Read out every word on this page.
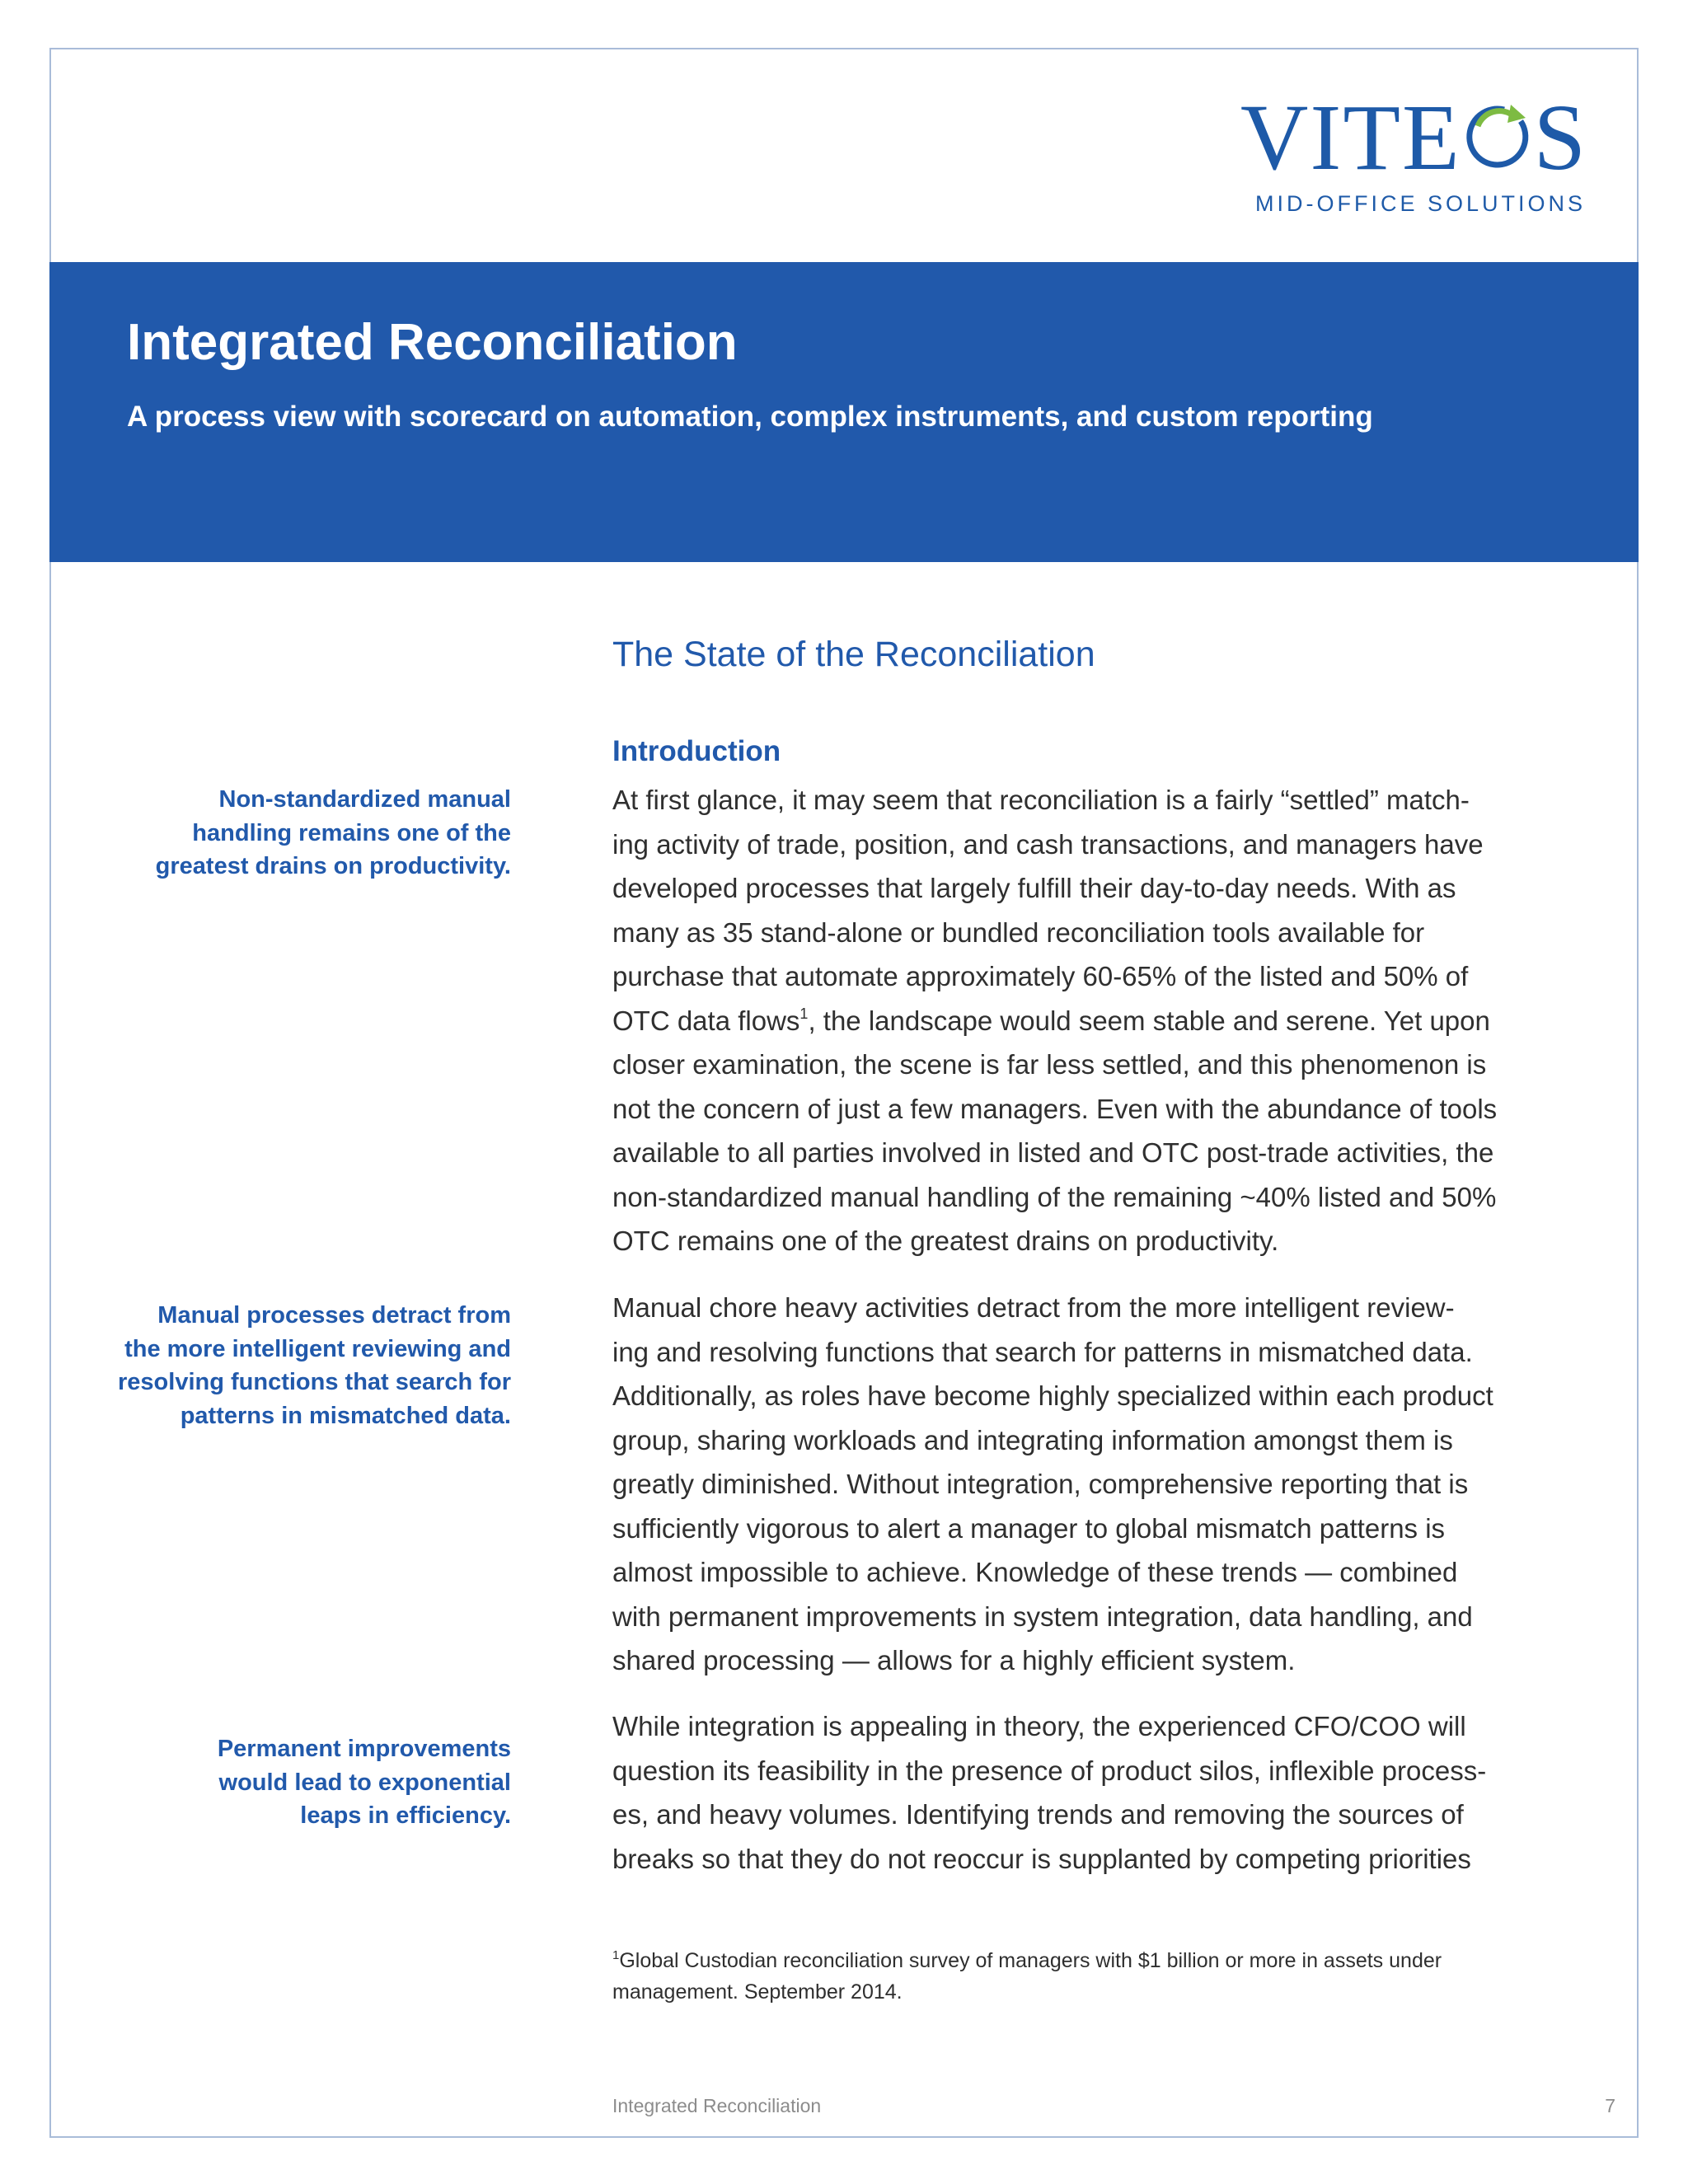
VITE S
MID-OFFICE SOLUTIONS
Integrated Reconciliation
A process view with scorecard on automation, complex instruments, and custom reporting
The State of the Reconciliation
Introduction

At first glance, it may seem that reconciliation is a fairly “settled” match-
ing activity of trade, position, and cash transactions, and managers have
developed processes that largely fulfill their day-to-day needs. With as
many as 35 stand-alone or bundled reconciliation tools available for
purchase that automate approximately 60-65% of the listed and 50% of
OTC data flows$^1$, the landscape would seem stable and serene. Yet upon
closer examination, the scene is far less settled, and this phenomenon is
not the concern of just a few managers. Even with the abundance of tools
available to all parties involved in listed and OTC post-trade activities, the
non-standardized manual handling of the remaining ~40% listed and 50%
OTC remains one of the greatest drains on productivity.

Manual chore heavy activities detract from the more intelligent review-
ing and resolving functions that search for patterns in mismatched data.
Additionally, as roles have become highly specialized within each product
group, sharing workloads and integrating information amongst them is
greatly diminished. Without integration, comprehensive reporting that is
sufficiently vigorous to alert a manager to global mismatch patterns is
almost impossible to achieve. Knowledge of these trends — combined
with permanent improvements in system integration, data handling, and
shared processing — allows for a highly efficient system.

While integration is appealing in theory, the experienced CFO/COO will
question its feasibility in the presence of product silos, inflexible process-
es, and heavy volumes. Identifying trends and removing the sources of
breaks so that they do not reoccur is supplanted by competing priorities

Non-standardized manual
handling remains one of the
greatest drains on productivity.

Manual processes detract from
the more intelligent reviewing and
resolving functions that search for
patterns in mismatched data.

Permanent improvements
would lead to exponential
leaps in efficiency.

$^1$Global Custodian reconciliation survey of managers with $1 billion or more in assets under
management. September 2014.

Integrated Reconciliation	7
